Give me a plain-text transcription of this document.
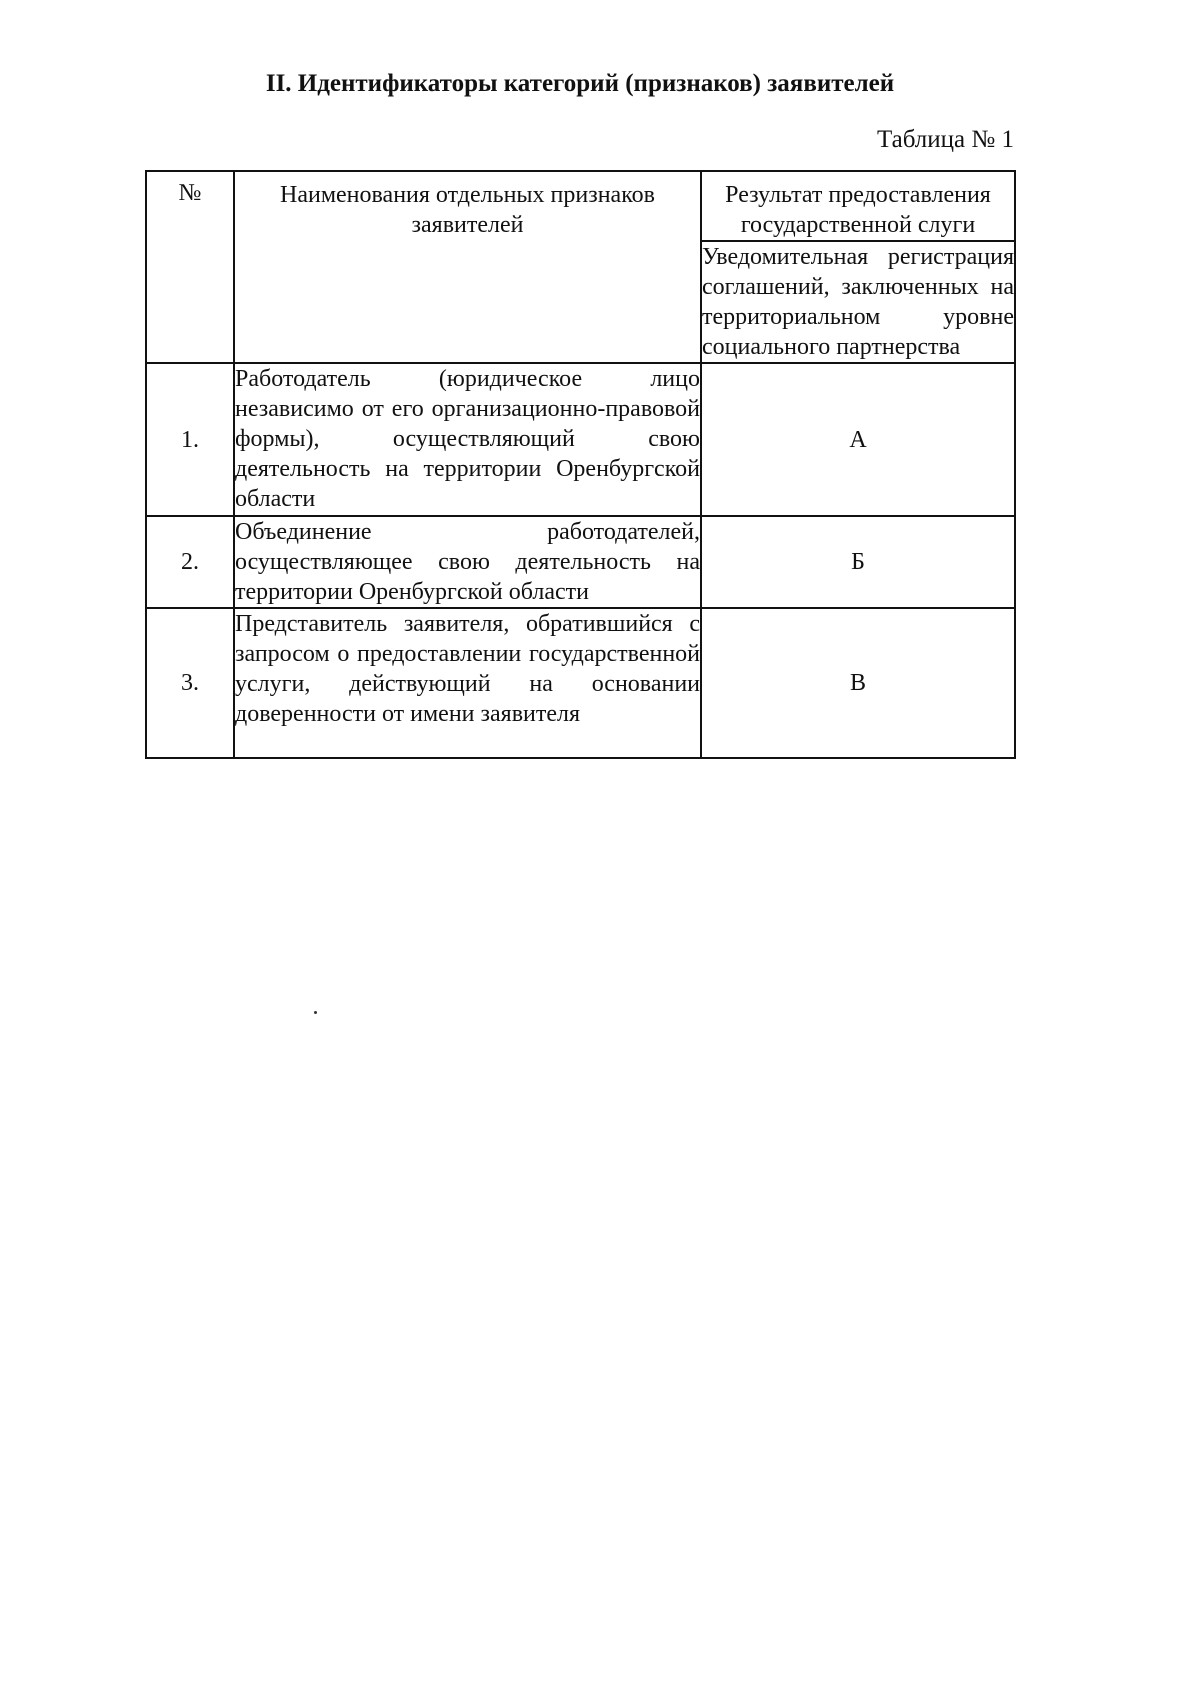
II. Идентификаторы категорий (признаков) заявителей
Таблица № 1
№	Наименования отдельных признаков заявителей	Результат предоставления государственной слуги
		Уведомительная регистрация соглашений, заключенных на территориальном уровне социального партнерства
1.	Работодатель (юридическое лицо независимо от его организационно-правовой формы), осуществляющий свою деятельность на территории Оренбургской области	А
2.	Объединение работодателей, осуществляющее свою деятельность на территории Оренбургской области	Б
3.	Представитель заявителя, обратившийся с запросом о предоставлении государственной услуги, действующий на основании доверенности от имени заявителя	В
